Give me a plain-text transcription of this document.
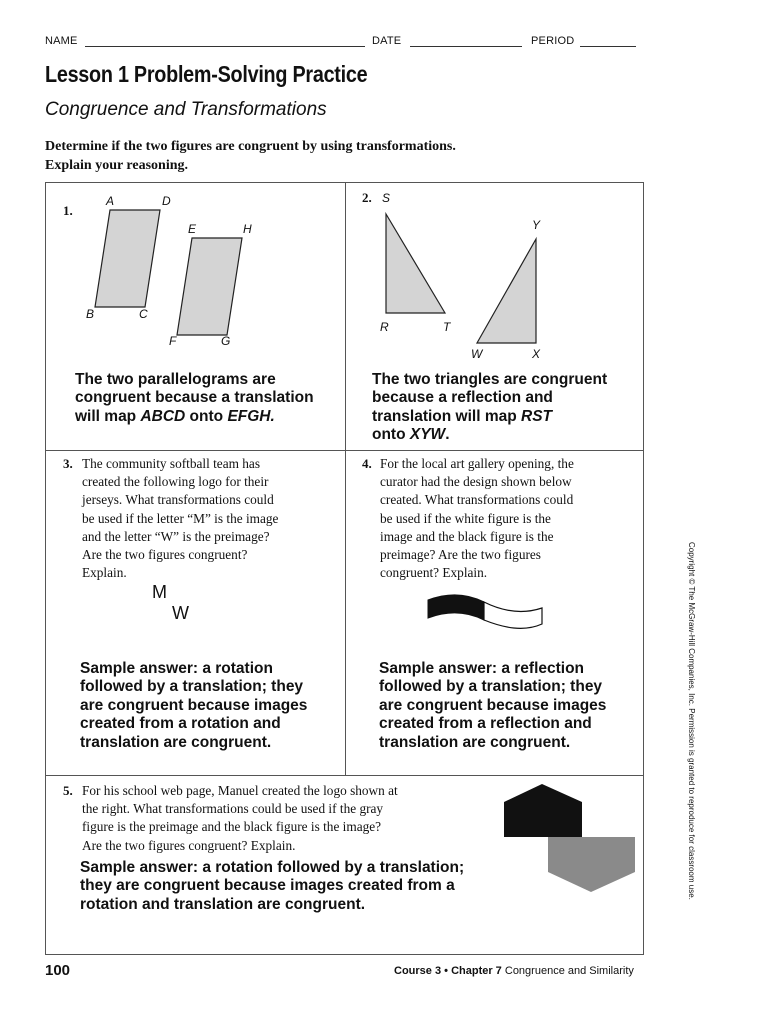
NAME	DATE	PERIOD
Lesson 1 Problem-Solving Practice
Congruence and Transformations
Determine if the two figures are congruent by using transformations.
Explain your reasoning.
1.
A	D
E	H
B	C
F	G
The two parallelograms are
congruent because a translation
will map ABCD onto EFGH.
2. S
Y
R	T
W	X
The two triangles are congruent
because a reflection and
translation will map RST
onto XYW.
3. The community softball team has
created the following logo for their
jerseys. What transformations could
be used if the letter “M” is the image
and the letter “W” is the preimage?
Are the two figures congruent?
Explain.
M
W
Sample answer: a rotation
followed by a translation; they
are congruent because images
created from a rotation and
translation are congruent.
4. For the local art gallery opening, the
curator had the design shown below
created. What transformations could
be used if the white figure is the
image and the black figure is the
preimage? Are the two figures
congruent? Explain.
Sample answer: a reflection
followed by a translation; they
are congruent because images
created from a reflection and
translation are congruent.
5. For his school web page, Manuel created the logo shown at
the right. What transformations could be used if the gray
figure is the preimage and the black figure is the image?
Are the two figures congruent? Explain.
Sample answer: a rotation followed by a translation;
they are congruent because images created from a
rotation and translation are congruent.
Copyright © The McGraw-Hill Companies, Inc. Permission is granted to reproduce for classroom use.
100	Course 3 • Chapter 7 Congruence and Similarity
